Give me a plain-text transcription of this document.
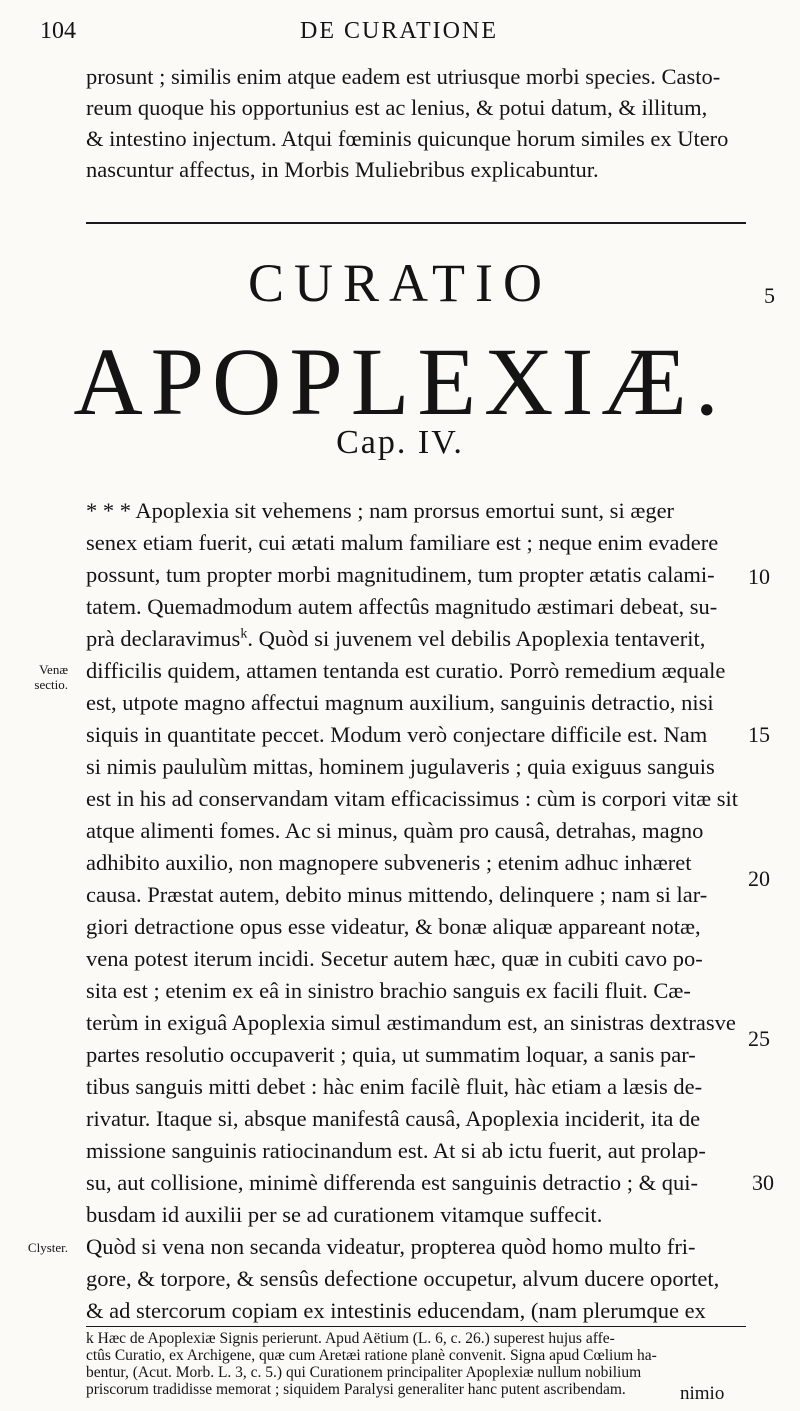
104	DE CURATIONE
prosunt ; similis enim atque eadem est utriusque morbi species. Casto-
reum quoque his opportunius est ac lenius, & potui datum, & illitum,
& intestino injectum. Atqui fœminis quicunque horum similes ex Utero
nascuntur affectus, in Morbis Muliebribus explicabuntur.
CURATIO
APOPLEXIÆ.
Cap. IV.
* * * Apoplexia sit vehemens ; nam prorsus emortui sunt, si æger
senex etiam fuerit, cui ætati malum familiare est ; neque enim evadere
possunt, tum propter morbi magnitudinem, tum propter ætatis calami-
tatem. Quemadmodum autem affectûs magnitudo æstimari debeat, su-
prà declaravimus$^k$. Quòd si juvenem vel debilis Apoplexia tentaverit,
difficilis quidem, attamen tentanda est curatio. Porrò remedium æquale
est, utpote magno affectui magnum auxilium, sanguinis detractio, nisi
siquis in quantitate peccet. Modum verò conjectare difficile est. Nam
si nimis paululùm mittas, hominem jugulaveris ; quia exiguus sanguis
est in his ad conservandam vitam efficacissimus : cùm is corpori vitæ sit
atque alimenti fomes. Ac si minus, quàm pro causâ, detrahas, magno
adhibito auxilio, non magnopere subveneris ; etenim adhuc inhæret
causa. Præstat autem, debito minus mittendo, delinquere ; nam si lar-
giori detractione opus esse videatur, & bonæ aliquæ appareant notæ,
vena potest iterum incidi. Secetur autem hæc, quæ in cubiti cavo po-
sita est ; etenim ex eâ in sinistro brachio sanguis ex facili fluit. Cæ-
terùm in exiguâ Apoplexia simul æstimandum est, an sinistras dextrasve
partes resolutio occupaverit ; quia, ut summatim loquar, a sanis par-
tibus sanguis mitti debet : hàc enim facilè fluit, hàc etiam a læsis de-
rivatur. Itaque si, absque manifestâ causâ, Apoplexia inciderit, ita de
missione sanguinis ratiocinandum est. At si ab ictu fuerit, aut prolap-
su, aut collisione, minimè differenda est sanguinis detractio ; & qui-
busdam id auxilii per se ad curationem vitamque suffecit.
Quòd si vena non secanda videatur, propterea quòd homo multo fri-
gore, & torpore, & sensûs defectione occupetur, alvum ducere oportet,
& ad stercorum copiam ex intestinis educendam, (nam plerumque ex
5
10
15
20
25
30
Venæ sectio.
Clyster.
k Hæc de Apoplexiæ Signis perierunt. Apud Aëtium (L. 6, c. 26.) superest hujus affe-
ctûs Curatio, ex Archigene, quæ cum Aretæi ratione planè convenit. Signa apud Cœlium ha-
bentur, (Acut. Morb. L. 3, c. 5.) qui Curationem principaliter Apoplexiæ nullum nobilium
priscorum tradidisse memorat ; siquidem Paralysi generaliter hanc putent ascribendam.	nimio
